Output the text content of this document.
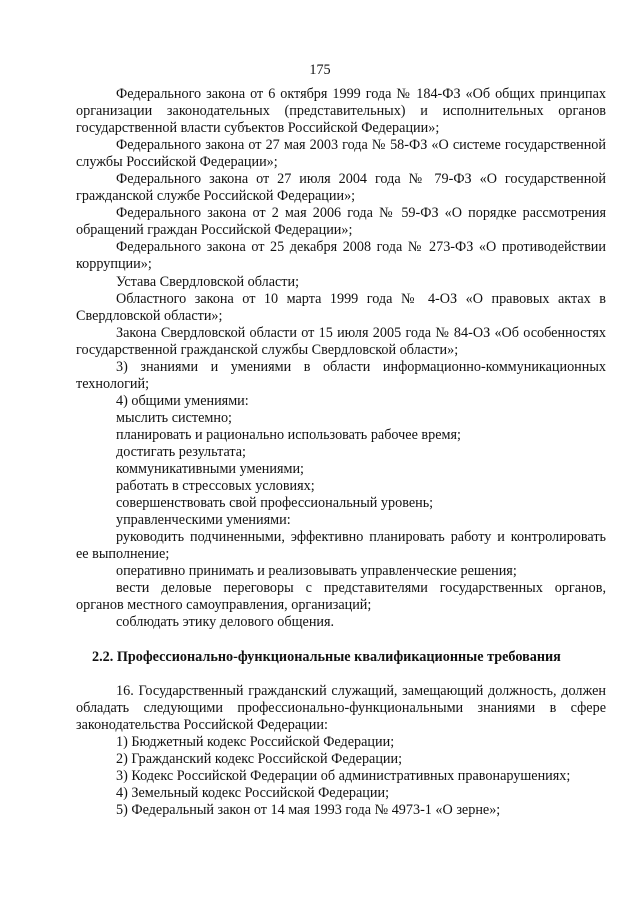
175

Федерального закона от 6 октября 1999 года № 184-ФЗ «Об общих принципах организации законодательных (представительных) и исполнительных органов государственной власти субъектов Российской Федерации»;

Федерального закона от 27 мая 2003 года № 58-ФЗ «О системе государственной службы Российской Федерации»;

Федерального закона от 27 июля 2004 года № 79-ФЗ «О государственной гражданской службе Российской Федерации»;

Федерального закона от 2 мая 2006 года № 59-ФЗ «О порядке рассмотрения обращений граждан Российской Федерации»;

Федерального закона от 25 декабря 2008 года № 273-ФЗ «О противодействии коррупции»;

Устава Свердловской области;

Областного закона от 10 марта 1999 года № 4-ОЗ «О правовых актах в Свердловской области»;

Закона Свердловской области от 15 июля 2005 года № 84-ОЗ «Об особенностях государственной гражданской службы Свердловской области»;

3) знаниями и умениями в области информационно-коммуникационных технологий;

4) общими умениями:

мыслить системно;

планировать и рационально использовать рабочее время;

достигать результата;

коммуникативными умениями;

работать в стрессовых условиях;

совершенствовать свой профессиональный уровень;

управленческими умениями:

руководить подчиненными, эффективно планировать работу и контролировать ее выполнение;

оперативно принимать и реализовывать управленческие решения;

вести деловые переговоры с представителями государственных органов, органов местного самоуправления, организаций;

соблюдать этику делового общения.

2.2. Профессионально-функциональные квалификационные требования

16. Государственный гражданский служащий, замещающий должность, должен обладать следующими профессионально-функциональными знаниями в сфере законодательства Российской Федерации:

1) Бюджетный кодекс Российской Федерации;

2) Гражданский кодекс Российской Федерации;

3) Кодекс Российской Федерации об административных правонарушениях;

4) Земельный кодекс Российской Федерации;

5) Федеральный закон от 14 мая 1993 года № 4973-1 «О зерне»;
